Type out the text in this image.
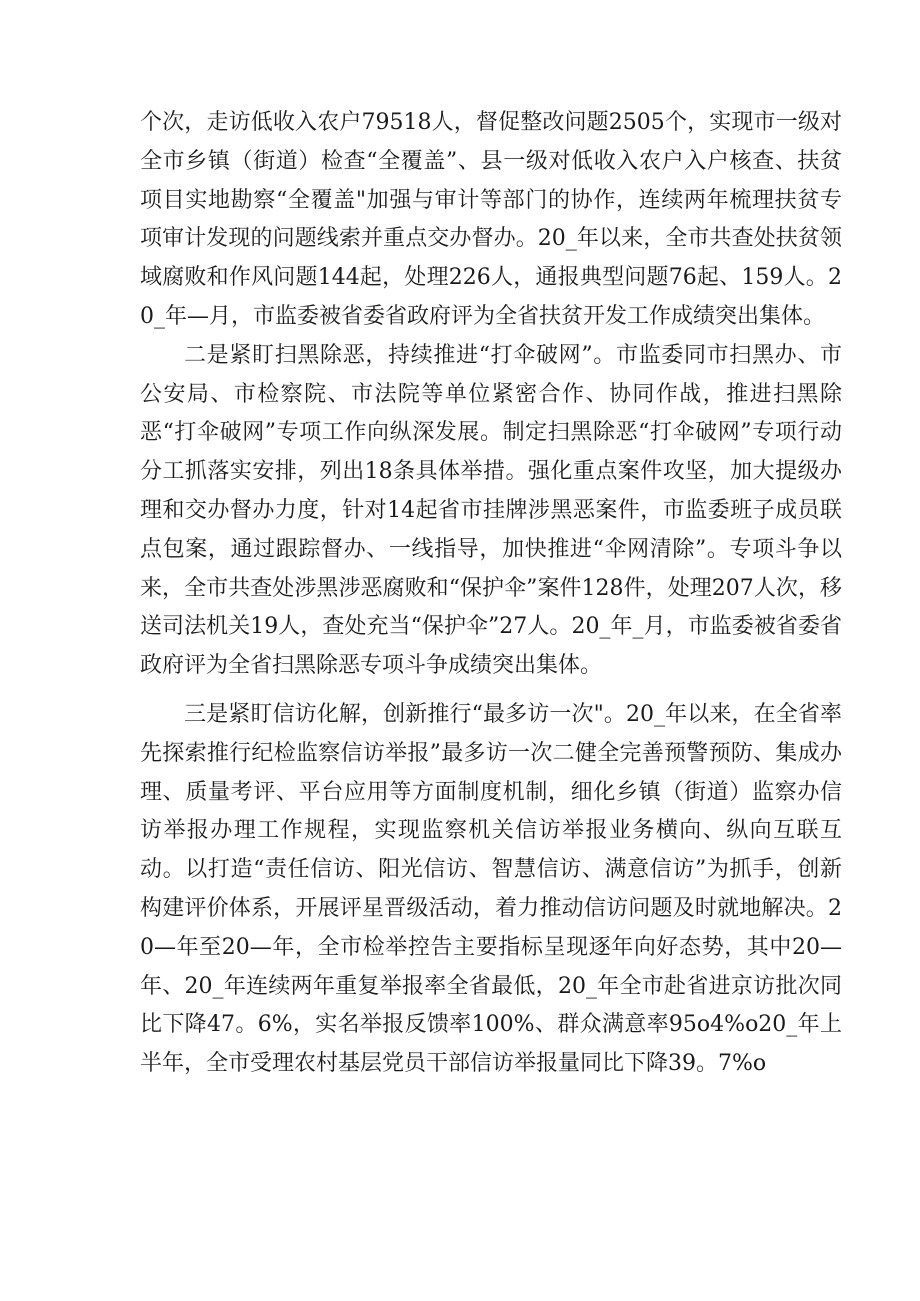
个次，走访低收入农户79518人，督促整改问题2505个，实现市一级对全市乡镇（街道）检查“全覆盖”、县一级对低收入农户入户核查、扶贫项目实地勘察“全覆盖"加强与审计等部门的协作，连续两年梳理扶贫专项审计发现的问题线索并重点交办督办。20_年以来，全市共查处扶贫领域腐败和作风问题144起，处理226人，通报典型问题76起、159人。20_年—月，市监委被省委省政府评为全省扶贫开发工作成绩突出集体。

二是紧盯扫黑除恶，持续推进“打伞破网”。市监委同市扫黑办、市公安局、市检察院、市法院等单位紧密合作、协同作战，推进扫黑除恶“打伞破网”专项工作向纵深发展。制定扫黑除恶“打伞破网”专项行动分工抓落实安排，列出18条具体举措。强化重点案件攻坚，加大提级办理和交办督办力度，针对14起省市挂牌涉黑恶案件，市监委班子成员联点包案，通过跟踪督办、一线指导，加快推进“伞网清除”。专项斗争以来，全市共查处涉黑涉恶腐败和“保护伞”案件128件，处理207人次，移送司法机关19人，查处充当“保护伞”27人。20_年_月，市监委被省委省政府评为全省扫黑除恶专项斗争成绩突出集体。

三是紧盯信访化解，创新推行“最多访一次"。20_年以来，在全省率先探索推行纪检监察信访举报”最多访一次二健全完善预警预防、集成办理、质量考评、平台应用等方面制度机制，细化乡镇（街道）监察办信访举报办理工作规程，实现监察机关信访举报业务横向、纵向互联互动。以打造“责任信访、阳光信访、智慧信访、满意信访”为抓手，创新构建评价体系，开展评星晋级活动，着力推动信访问题及时就地解决。20—年至20—年，全市检举控告主要指标呈现逐年向好态势，其中20—年、20_年连续两年重复举报率全省最低，20_年全市赴省进京访批次同比下降47。6%，实名举报反馈率100%、群众满意率95o4%o20_年上半年，全市受理农村基层党员干部信访举报量同比下降39。7%o
